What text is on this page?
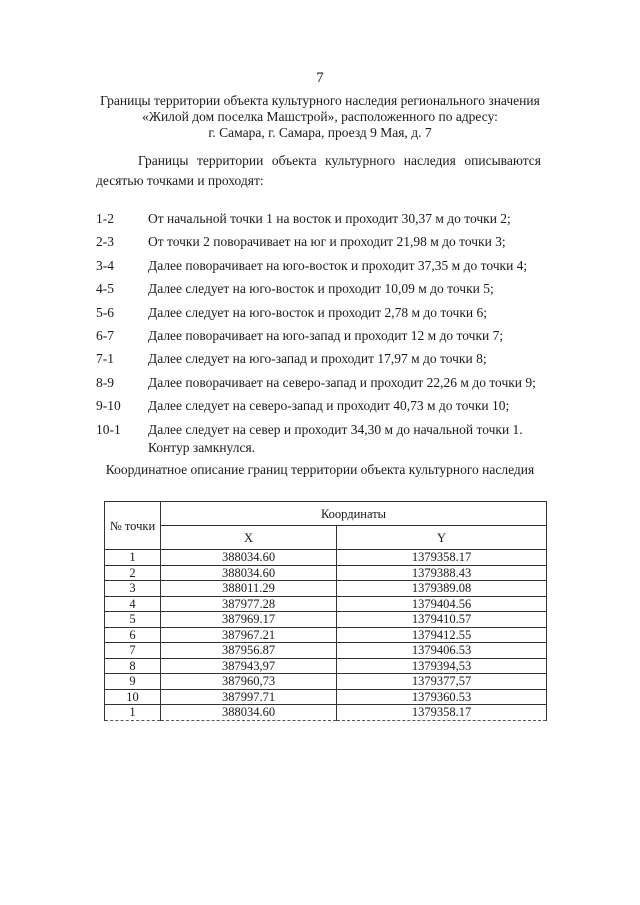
7
Границы территории объекта культурного наследия регионального значения
«Жилой дом поселка Машстрой», расположенного по адресу:
г. Самара, г. Самара, проезд 9 Мая, д. 7
Границы территории объекта культурного наследия описываются
десятью точками и проходят:
1-2	От начальной точки 1 на восток и проходит 30,37 м до точки 2;
2-3	От точки 2 поворачивает на юг и проходит 21,98 м до точки 3;
3-4	Далее поворачивает на юго-восток и проходит 37,35 м до точки 4;
4-5	Далее следует на юго-восток и проходит 10,09 м до точки 5;
5-6	Далее следует на юго-восток и проходит 2,78 м до точки 6;
6-7	Далее поворачивает на юго-запад и проходит 12 м до точки 7;
7-1	Далее следует на юго-запад и проходит 17,97 м до точки 8;
8-9	Далее поворачивает на северо-запад и проходит 22,26 м до точки 9;
9-10 Далее следует на северо-запад и проходит 40,73 м до точки 10;
10-1 Далее следует на север и проходит 34,30 м до начальной точки 1.
Контур замкнулся.
Координатное описание границ территории объекта культурного наследия
№ точки	Координаты	
	X	Y
1	388034.60	1379358.17
2	388034.60	1379388.43
3	388011.29	1379389.08
4	387977.28	1379404.56
5	387969.17	1379410.57
6	387967.21	1379412.55
7	387956.87	1379406.53
8	387943,97	1379394,53
9	387960,73	1379377,57
10	387997.71	1379360.53
1	388034.60	1379358.17
